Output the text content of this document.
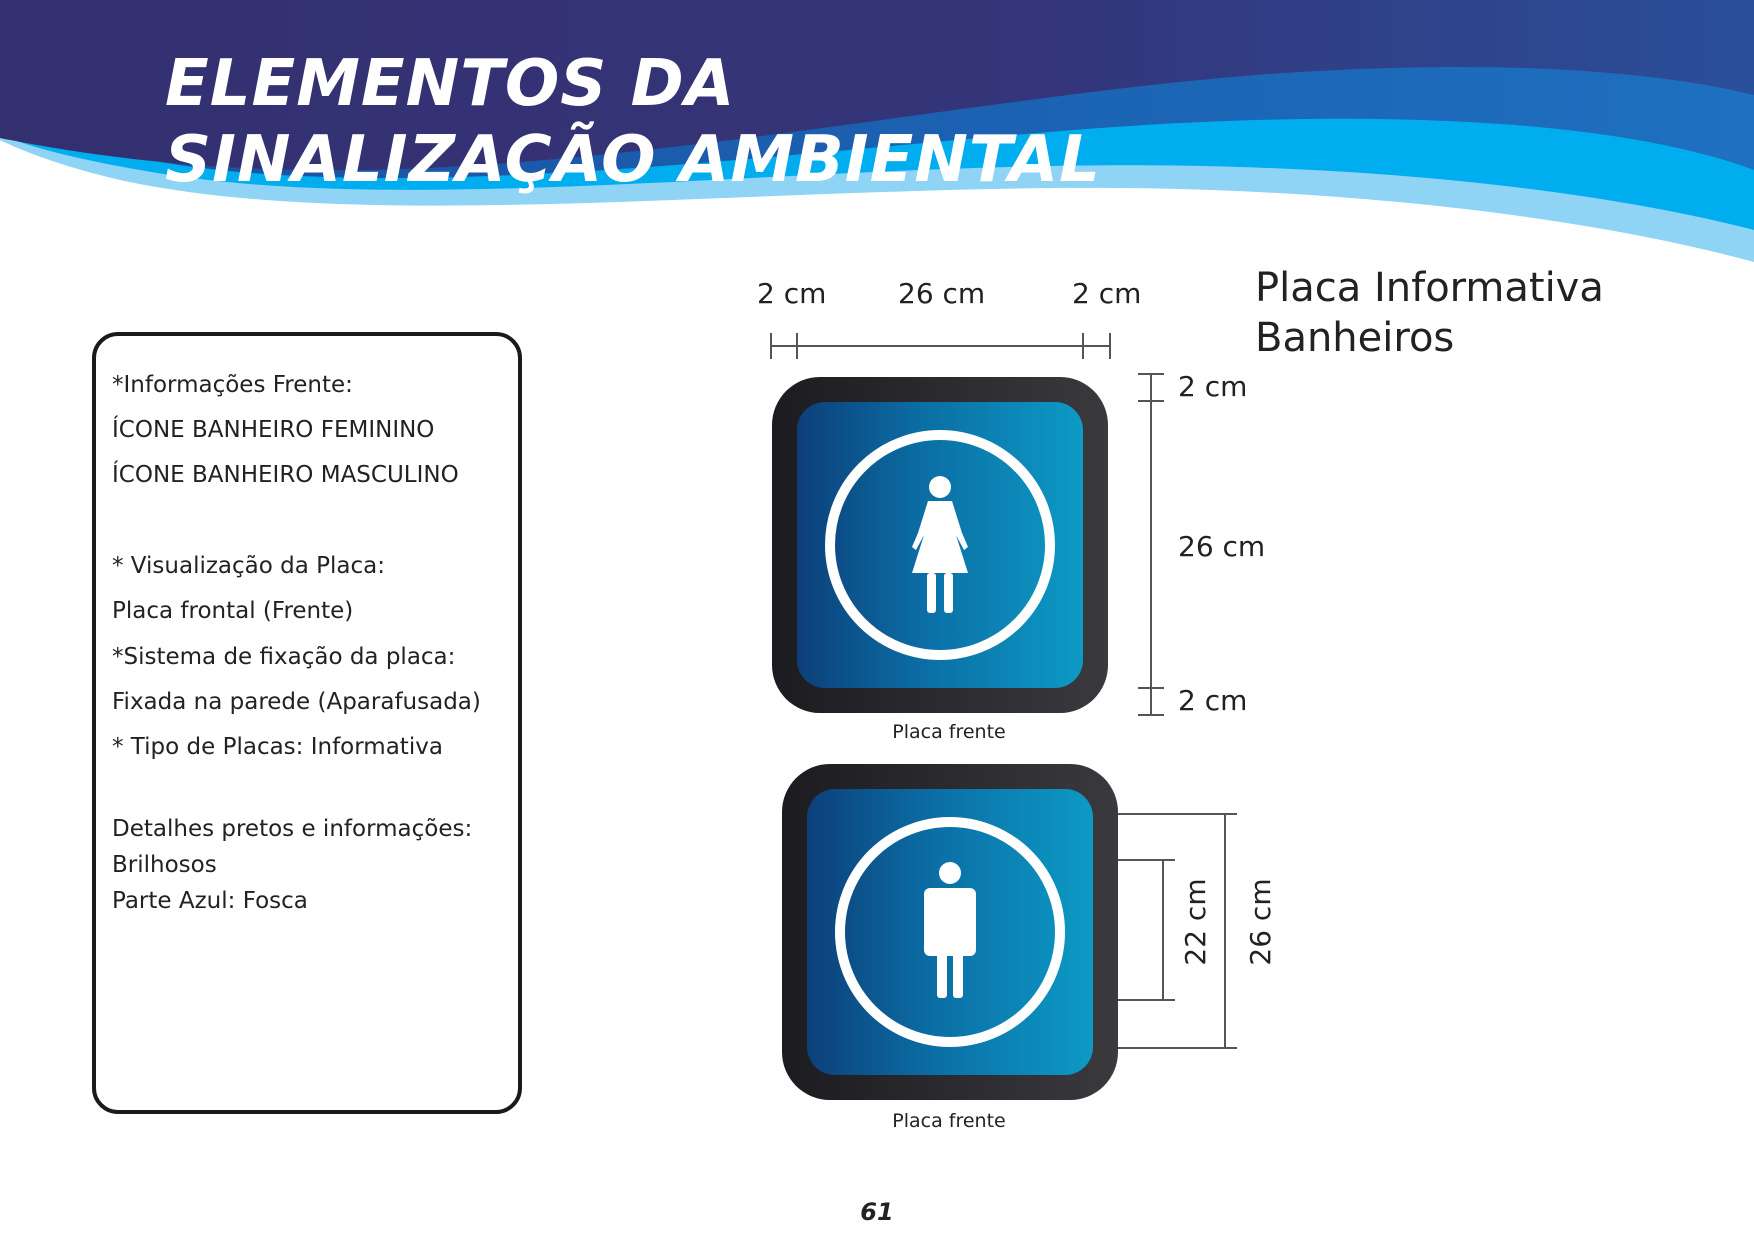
ELEMENTOS DA
SINALIZAÇÃO AMBIENTAL
*Informações Frente:
ÍCONE BANHEIRO FEMININO
ÍCONE BANHEIRO MASCULINO
* Visualização da Placa:
Placa frontal (Frente)
*Sistema de fixação da placa:
Fixada na parede (Aparafusada)
* Tipo de Placas: Informativa
Detalhes pretos e informações:
Brilhosos
Parte Azul: Fosca
Placa Informativa
Banheiros
2 cm	26 cm	2 cm
2 cm
26 cm
2 cm
22 cm 26 cm
Placa frente
Placa frente
61
